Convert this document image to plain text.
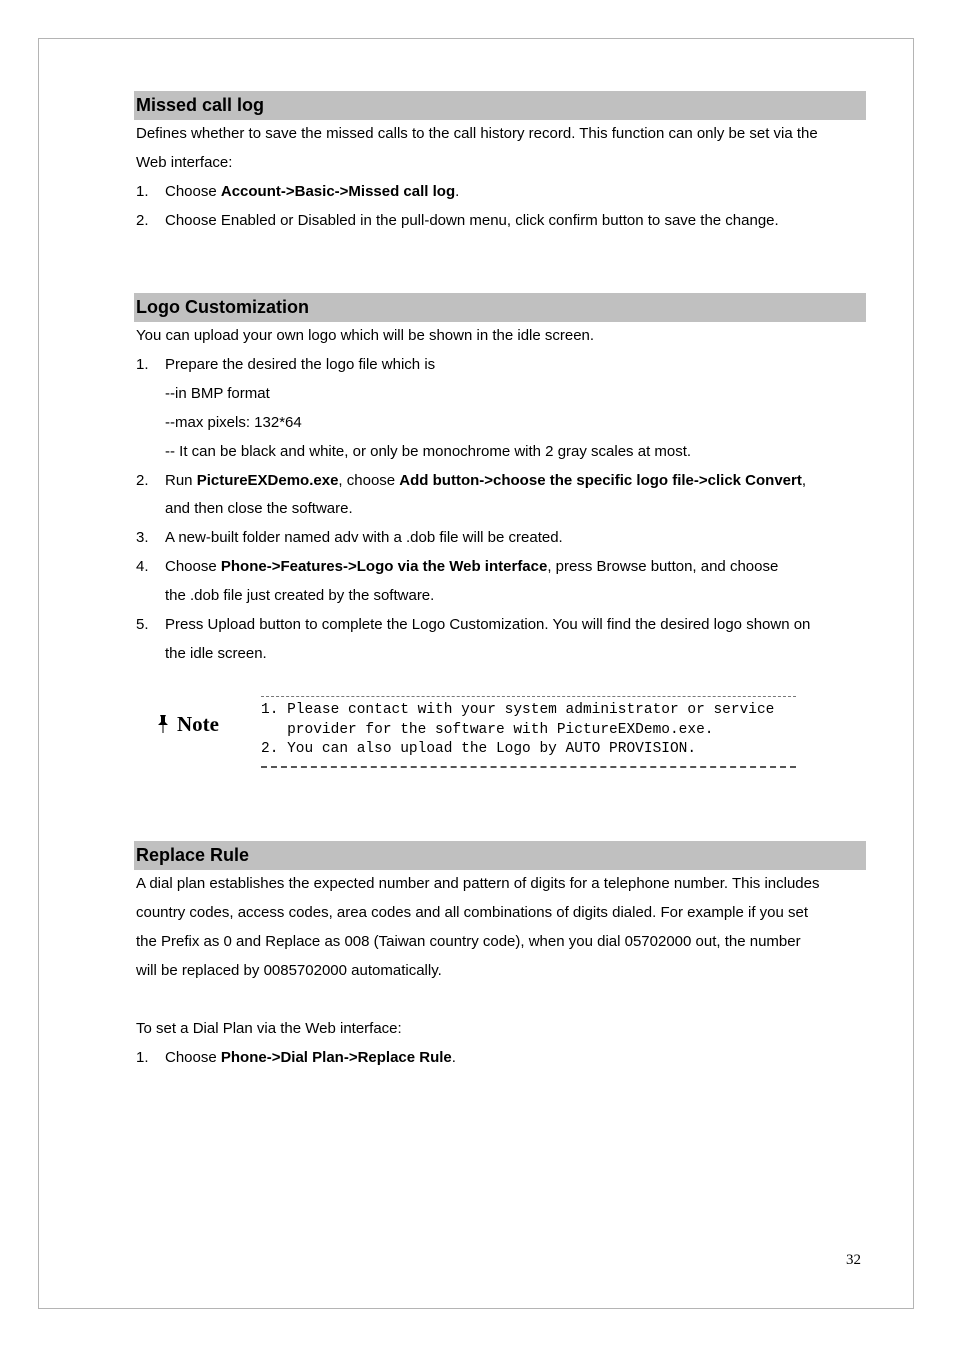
Missed call log
Defines whether to save the missed calls to the call history record. This function can only be set via the
Web interface:
1. Choose Account->Basic->Missed call log.
2. Choose Enabled or Disabled in the pull-down menu, click confirm button to save the change.
Logo Customization
You can upload your own logo which will be shown in the idle screen.
1. Prepare the desired the logo file which is
--in BMP format
--max pixels: 132*64
-- It can be black and white, or only be monochrome with 2 gray scales at most.
2. Run PictureEXDemo.exe, choose Add button->choose the specific logo file->click Convert,
and then close the software.
3. A new-built folder named adv with a .dob file will be created.
4. Choose Phone->Features->Logo via the Web interface, press Browse button, and choose
the .dob file just created by the software.
5. Press Upload button to complete the Logo Customization. You will find the desired logo shown on
the idle screen.
Note
1. Please contact with your system administrator or service
provider for the software with PictureEXDemo.exe.
2. You can also upload the Logo by AUTO PROVISION.
Replace Rule
A dial plan establishes the expected number and pattern of digits for a telephone number. This includes
country codes, access codes, area codes and all combinations of digits dialed. For example if you set
the Prefix as 0 and Replace as 008 (Taiwan country code), when you dial 05702000 out, the number
will be replaced by 0085702000 automatically.
To set a Dial Plan via the Web interface:
1. Choose Phone->Dial Plan->Replace Rule.
32
